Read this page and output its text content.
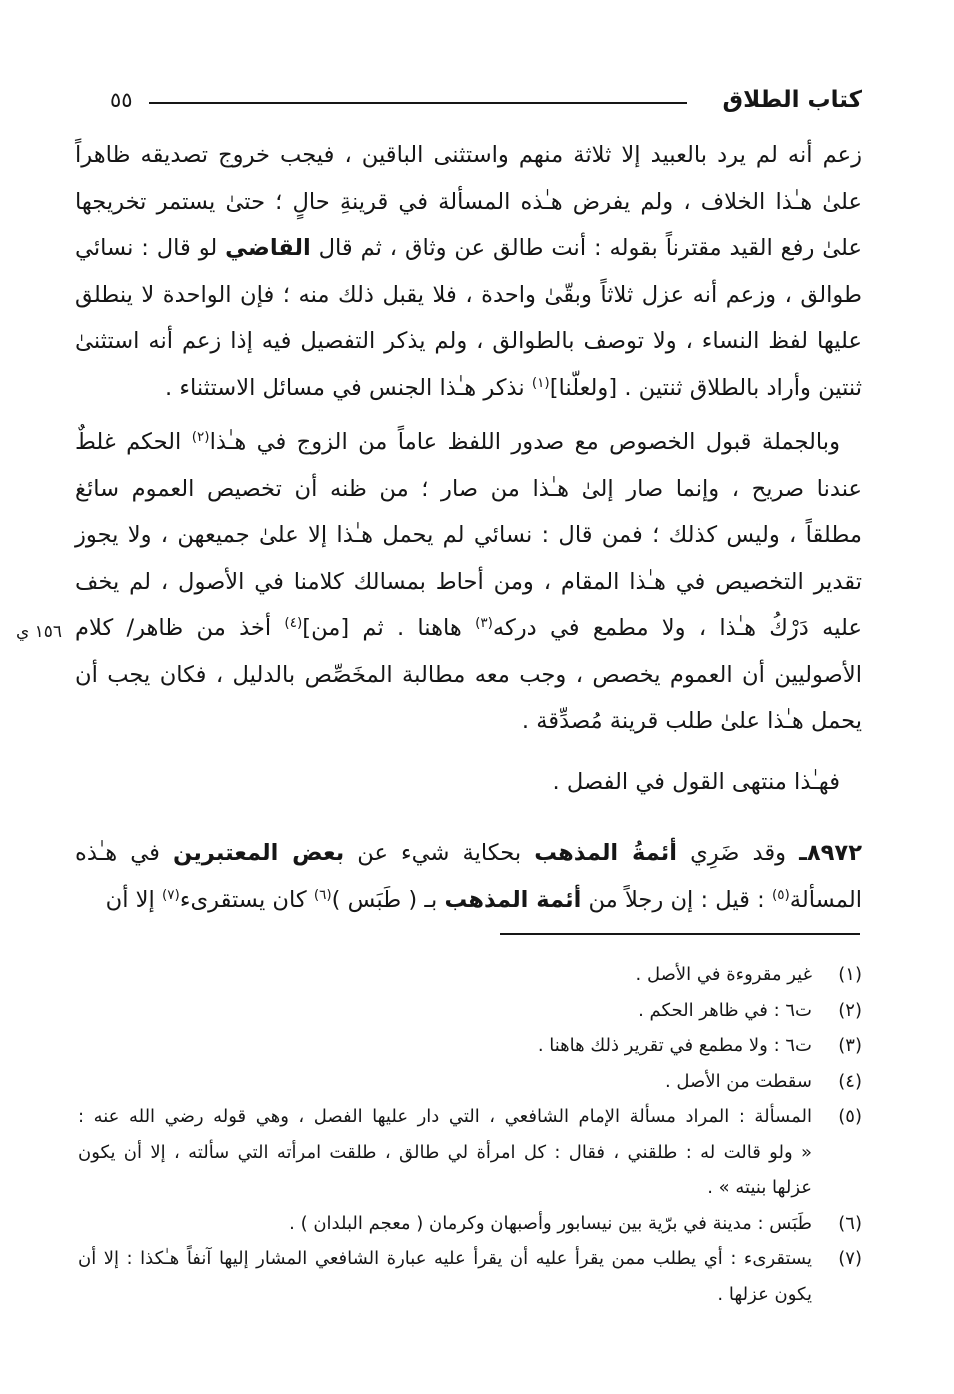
كتاب الطلاق
٥٥
زعم أنه لم يرد بالعبيد إلا ثلاثة منهم واستثنى الباقين ، فيجب خروج تصديقه ظاهراً
علىٰ هـٰذا الخلاف ، ولم يفرض هـٰذه المسألة في قرينةِ حالٍ ؛ حتىٰ يستمر تخريجها
علىٰ رفع القيد مقترناً بقوله : أنت طالق عن وثاق ، ثم قال القاضي لو قال : نسائي
طوالق ، وزعم أنه عزل ثلاثاً وبقّىٰ واحدة ، فلا يقبل ذلك منه ؛ فإن الواحدة لا ينطلق
عليها لفظ النساء ، ولا توصف بالطوالق ، ولم يذكر التفصيل فيه إذا زعم أنه استثنىٰ
ثنتين وأراد بالطلاق ثنتين . [ولعلّنا]$^{(١)}$ نذكر هـٰذا الجنس في مسائل الاستثناء .
وبالجملة قبول الخصوص مع صدور اللفظ عاماً من الزوج في هـٰذا$^{(٢)}$ الحكم غلطٌ
عندنا صريح ، وإنما صار إلىٰ هـٰذا من صار ؛ من ظنه أن تخصيص العموم سائغ
مطلقاً ، وليس كذلك ؛ فمن قال : نسائي لم يحمل هـٰذا إلا علىٰ جميعهن ، ولا يجوز
تقدير التخصيص في هـٰذا المقام ، ومن أحاط بمسالك كلامنا في الأصول ، لم يخف
عليه دَرْكُ هـٰذا ، ولا مطمع في دركه$^{(٣)}$ هاهنا . ثم [من]$^{(٤)}$ أخذ من ظاهر/ كلام
الأصوليين أن العموم يخصص ، وجب معه مطالبة المخَصِّص بالدليل ، فكان يجب أن
يحمل هـٰذا علىٰ طلب قرينة مُصدِّقة .
فهـٰذا منتهى القول في الفصل .
٨٩٧٢ـ وقد ضَرِي أئمةُ المذهب بحكاية شيء عن بعض المعتبرين في هـٰذه
المسألة$^{(٥)}$ : قيل : إن رجلاً من أئمة المذهب بـ ( طَبَس )$^{(٦)}$ كان يستقرىء$^{(٧)}$ إلا أن
١٥٦ ي
(١)
غير مقروءة في الأصل .
(٢)
ت٦ : في ظاهر الحكم .
(٣)
ت٦ : ولا مطمع في تقرير ذلك هاهنا .
(٤)
سقطت من الأصل .
(٥)
المسألة : المراد مسألة الإمام الشافعي ، التي دار عليها الفصل ، وهي قوله رضي الله عنه :
« ولو قالت له : طلقني ، فقال : كل امرأة لي طالق ، طلقت امرأته التي سألته ، إلا أن يكون
عزلها بنيته » .
(٦)
طَبَس : مدينة في برّية بين نيسابور وأصبهان وكرمان ( معجم البلدان ) .
(٧)
يستقرىء : أي يطلب ممن يقرأ عليه أن يقرأ عليه عبارة الشافعي المشار إليها آنفاً هـٰكذا : إلا أن
يكون عزلها .
